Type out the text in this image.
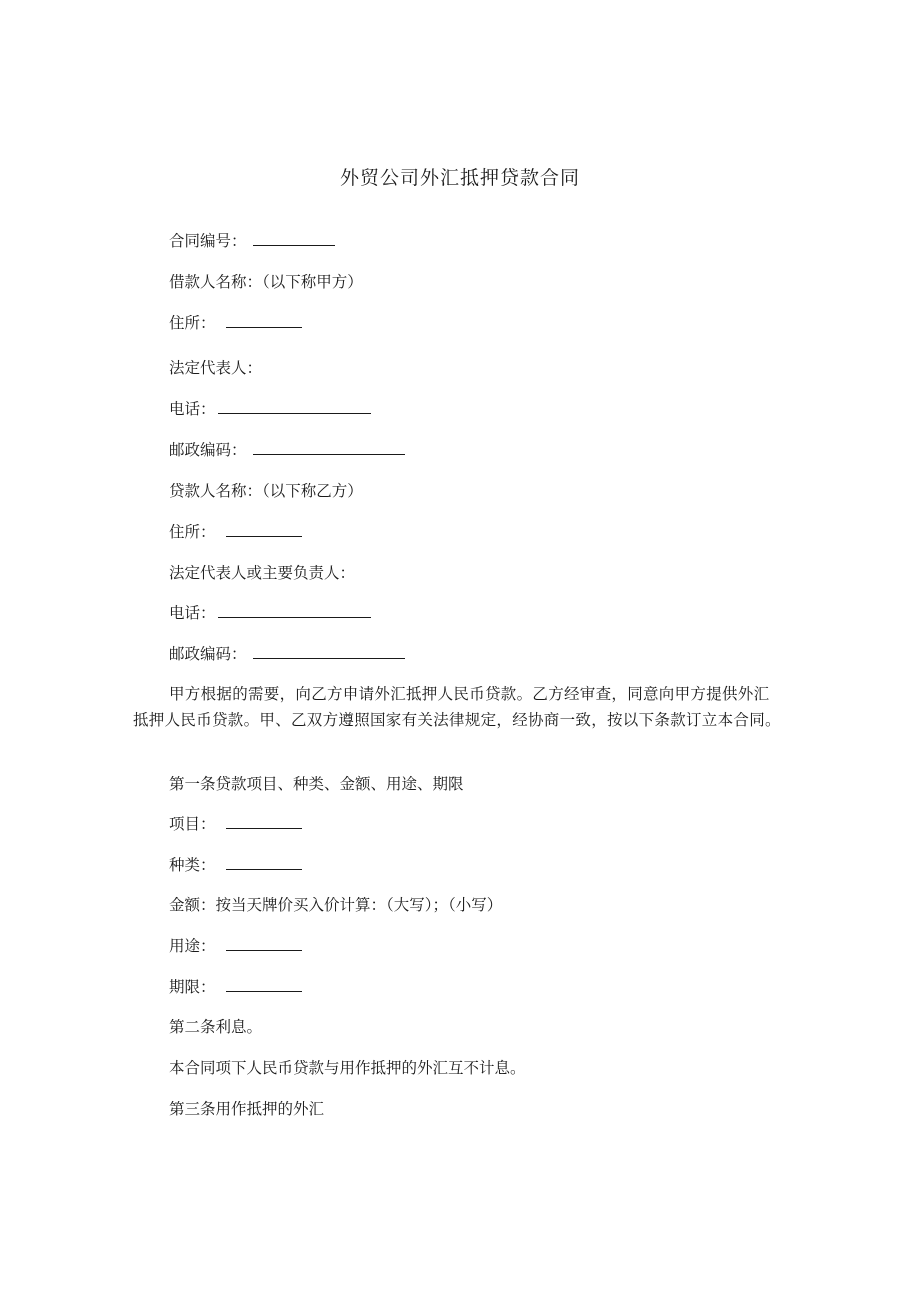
外贸公司外汇抵押贷款合同
合同编号：
借款人名称：（以下称甲方）
住所：
法定代表人：
电话：
邮政编码：
贷款人名称：（以下称乙方）
住所：
法定代表人或主要负责人：
电话：
邮政编码：
甲方根据的需要，向乙方申请外汇抵押人民币贷款。乙方经审查，同意向甲方提供外汇抵押人民币贷款。甲、乙双方遵照国家有关法律规定，经协商一致，按以下条款订立本合同。
第一条贷款项目、种类、金额、用途、期限
项目：
种类：
金额：按当天牌价买入价计算：（大写）；（小写）
用途：
期限：
第二条利息。
本合同项下人民币贷款与用作抵押的外汇互不计息。
第三条用作抵押的外汇
